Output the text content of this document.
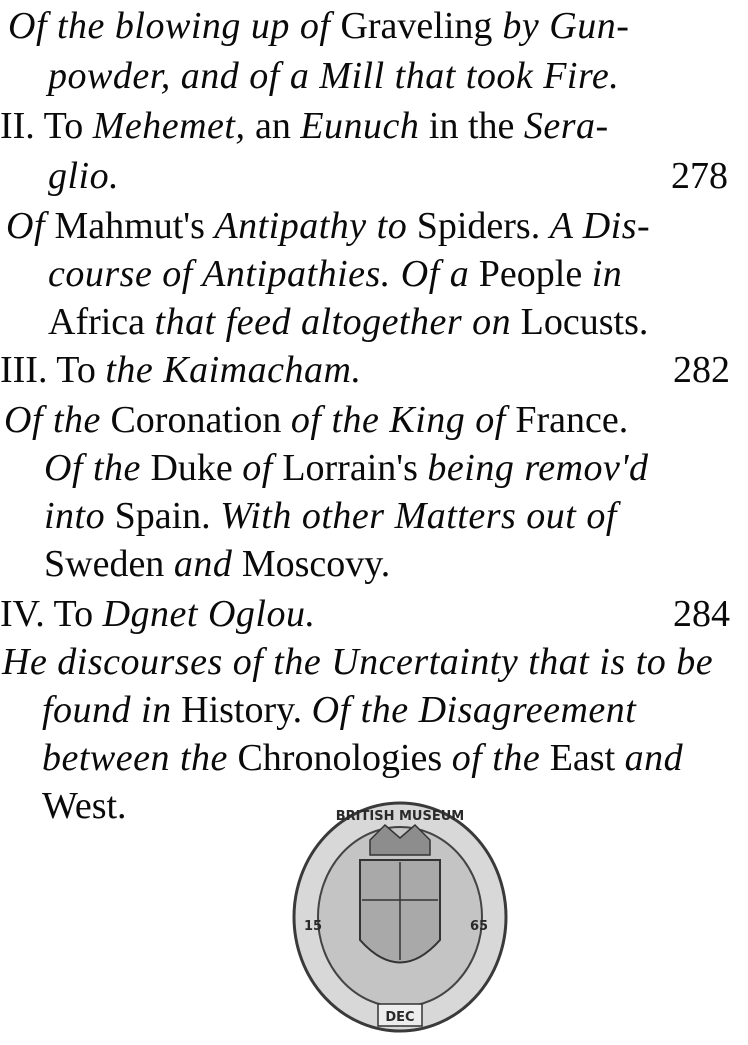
Of the blowing up of Graveling by Gun-
powder, and of a Mill that took Fire.
II. To Mehemet, an Eunuch in the Sera-
glio.	278
Of Mahmut's Antipathy to Spiders. A Dis-
course of Antipathies. Of a People in
Africa that feed altogether on Locusts.
III. To the Kaimacham.	282
Of the Coronation of the King of France.
Of the Duke of Lorrain's being remov'd
into Spain. With other Matters out of
Sweden and Moscovy.
IV. To Dgnet Oglou.	284
He discourses of the Uncertainty that is to be
found in History. Of the Disagreement
between the Chronologies of the East and
West.	BRITISH MUSEUM
15	65
DEC
